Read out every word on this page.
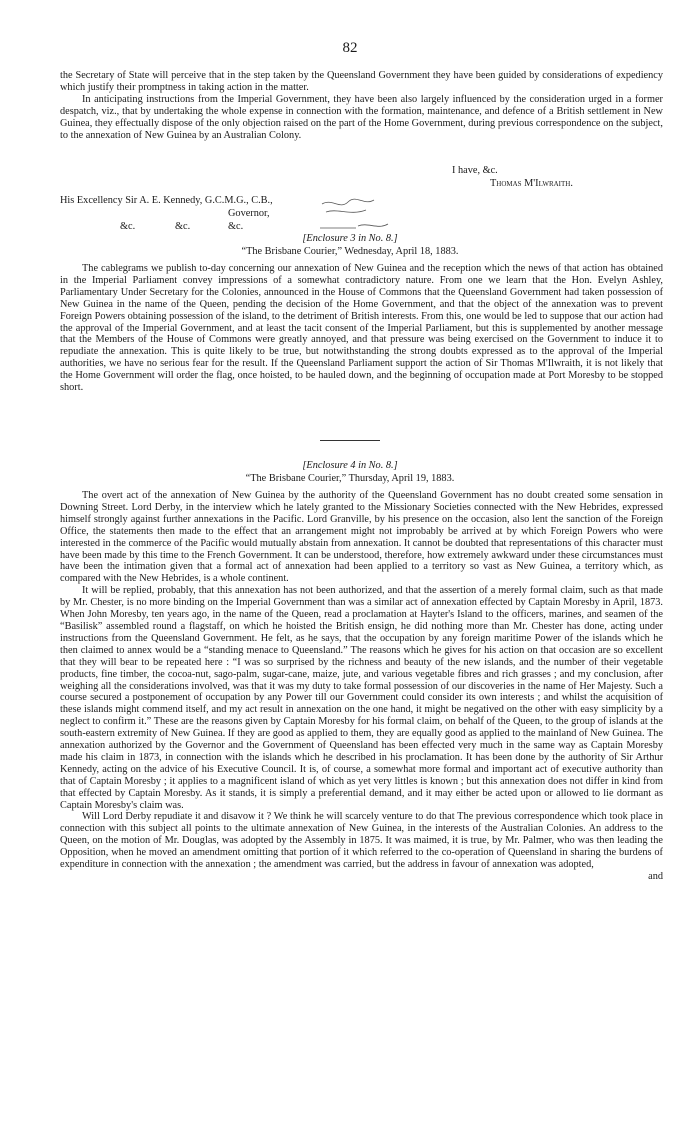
82

the Secretary of State will perceive that in the step taken by the Queensland Government they have been guided by considerations of expediency which justify their promptness in taking action in the matter.

In anticipating instructions from the Imperial Government, they have been also largely influenced by the consideration urged in a former despatch, viz., that by undertaking the whole expense in connection with the formation, maintenance, and defence of a British settlement in New Guinea, they effectually dispose of the only objection raised on the part of the Home Government, during previous correspondence on the subject, to the annexation of New Guinea by an Australian Colony.

I have, &c.
Thomas M'Ilwraith.
His Excellency Sir A. E. Kennedy, G.C.M.G., C.B.,
Governor,
&c.	&c.	&c.
[Enclosure 3 in No. 8.]
“The Brisbane Courier,” Wednesday, April 18, 1883.

The cablegrams we publish to-day concerning our annexation of New Guinea and the reception which the news of that action has obtained in the Imperial Parliament convey impressions of a somewhat contradictory nature. From one we learn that the Hon. Evelyn Ashley, Parliamentary Under Secretary for the Colonies, announced in the House of Commons that the Queensland Government had taken possession of New Guinea in the name of the Queen, pending the decision of the Home Government, and that the object of the annexation was to prevent Foreign Powers obtaining possession of the island, to the detriment of British interests. From this, one would be led to suppose that our action had the approval of the Imperial Government, and at least the tacit consent of the Imperial Parliament, but this is supplemented by another message that the Members of the House of Commons were greatly annoyed, and that pressure was being exercised on the Government to induce it to repudiate the annexation. This is quite likely to be true, but notwithstanding the strong doubts expressed as to the approval of the Imperial authorities, we have no serious fear for the result. If the Queensland Parliament support the action of Sir Thomas M'Ilwraith, it is not likely that the Home Government will order the flag, once hoisted, to be hauled down, and the beginning of occupation made at Port Moresby to be stopped short.

[Enclosure 4 in No. 8.]
“The Brisbane Courier,” Thursday, April 19, 1883.

The overt act of the annexation of New Guinea by the authority of the Queensland Government has no doubt created some sensation in Downing Street. Lord Derby, in the interview which he lately granted to the Missionary Societies connected with the New Hebrides, expressed himself strongly against further annexations in the Pacific. Lord Granville, by his presence on the occasion, also lent the sanction of the Foreign Office, the statements then made to the effect that an arrangement might not improbably be arrived at by which Foreign Powers who were interested in the commerce of the Pacific would mutually abstain from annexation. It cannot be doubted that representations of this character must have been made by this time to the French Government. It can be understood, therefore, how extremely awkward under these circumstances must have been the intimation given that a formal act of annexation had been applied to a territory so vast as New Guinea, a territory which, as compared with the New Hebrides, is a whole continent.

It will be replied, probably, that this annexation has not been authorized, and that the assertion of a merely formal claim, such as that made by Mr. Chester, is no more binding on the Imperial Government than was a similar act of annexation effected by Captain Moresby in April, 1873. When John Moresby, ten years ago, in the name of the Queen, read a proclamation at Hayter's Island to the officers, marines, and seamen of the “Basilisk” assembled round a flagstaff, on which he hoisted the British ensign, he did nothing more than Mr. Chester has done, acting under instructions from the Queensland Government. He felt, as he says, that the occupation by any foreign maritime Power of the islands which he then claimed to annex would be a “standing menace to Queensland.” The reasons which he gives for his action on that occasion are so excellent that they will bear to be repeated here : “I was so surprised by the richness and beauty of the new islands, and the number of their vegetable products, fine timber, the cocoa-nut, sago-palm, sugar-cane, maize, jute, and various vegetable fibres and rich grasses ; and my conclusion, after weighing all the considerations involved, was that it was my duty to take formal possession of our discoveries in the name of Her Majesty. Such a course secured a postponement of occupation by any Power till our Government could consider its own interests ; and whilst the acquisition of these islands might commend itself, and my act result in annexation on the one hand, it might be negatived on the other with easy simplicity by a neglect to confirm it.” These are the reasons given by Captain Moresby for his formal claim, on behalf of the Queen, to the group of islands at the south-eastern extremity of New Guinea. If they are good as applied to them, they are equally good as applied to the mainland of New Guinea. The annexation authorized by the Governor and the Government of Queensland has been effected very much in the same way as Captain Moresby made his claim in 1873, in connection with the islands which he described in his proclamation. It has been done by the authority of Sir Arthur Kennedy, acting on the advice of his Executive Council. It is, of course, a somewhat more formal and important act of executive authority than that of Captain Moresby ; it applies to a magnificent island of which as yet very littles is known ; but this annexation does not differ in kind from that effected by Captain Moresby. As it stands, it is simply a preferential demand, and it may either be acted upon or allowed to lie dormant as Captain Moresby's claim was.

Will Lord Derby repudiate it and disavow it ? We think he will scarcely venture to do that The previous correspondence which took place in connection with this subject all points to the ultimate annexation of New Guinea, in the interests of the Australian Colonies. An address to the Queen, on the motion of Mr. Douglas, was adopted by the Assembly in 1875. It was maimed, it is true, by Mr. Palmer, who was then leading the Opposition, when he moved an amendment omitting that portion of it which referred to the co-operation of Queensland in sharing the burdens of expenditure in connection with the annexation ; the amendment was carried, but the address in favour of annexation was adopted,

and
